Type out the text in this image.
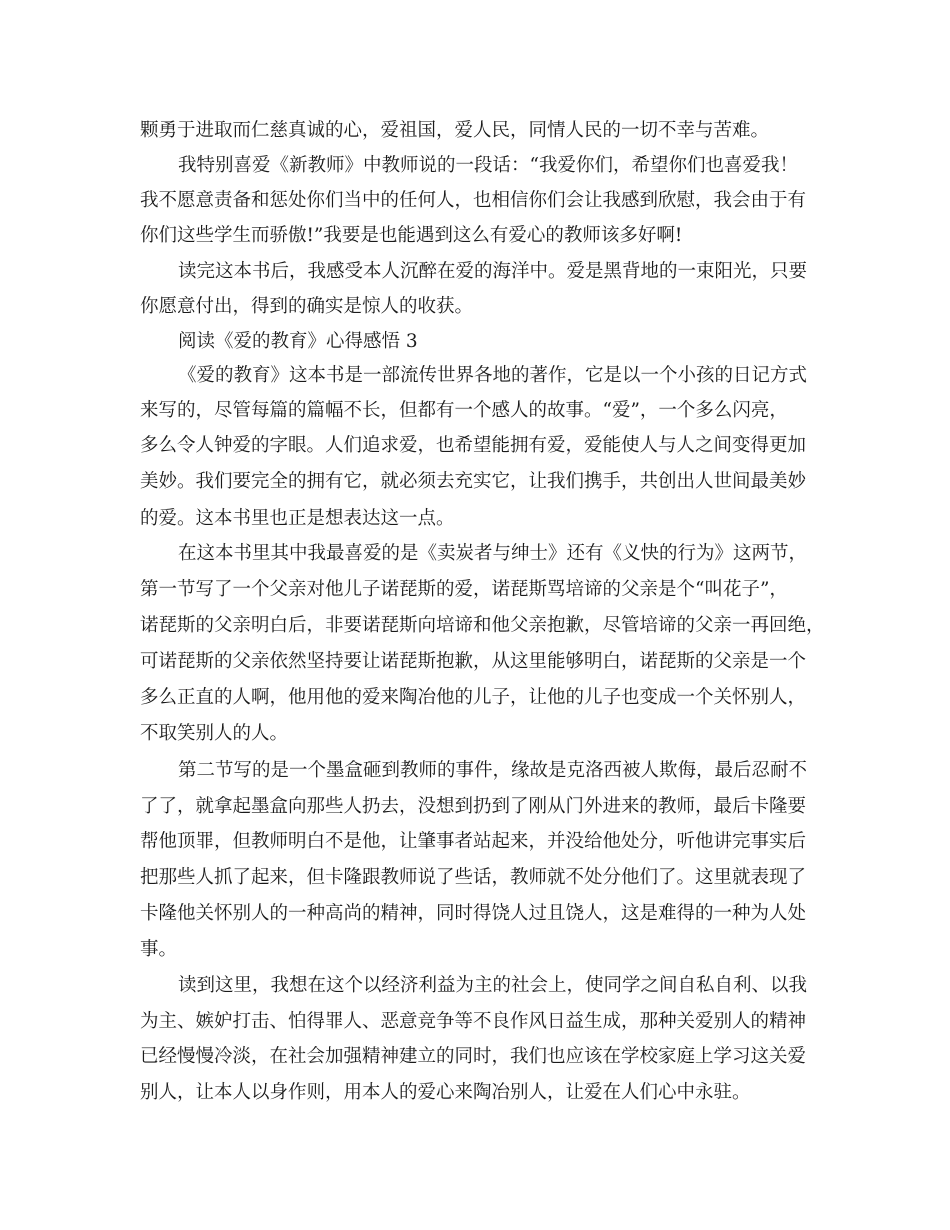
颗勇于进取而仁慈真诚的心，爱祖国，爱人民，同情人民的一切不幸与苦难。
我特别喜爱《新教师》中教师说的一段话：“我爱你们，希望你们也喜爱我！
我不愿意责备和惩处你们当中的任何人，也相信你们会让我感到欣慰，我会由于有
你们这些学生而骄傲!”我要是也能遇到这么有爱心的教师该多好啊!
读完这本书后，我感受本人沉醉在爱的海洋中。爱是黑背地的一束阳光，只要
你愿意付出，得到的确实是惊人的收获。
阅读《爱的教育》心得感悟 3
《爱的教育》这本书是一部流传世界各地的著作，它是以一个小孩的日记方式
来写的，尽管每篇的篇幅不长，但都有一个感人的故事。“爱”，一个多么闪亮，
多么令人钟爱的字眼。人们追求爱，也希望能拥有爱，爱能使人与人之间变得更加
美妙。我们要完全的拥有它，就必须去充实它，让我们携手，共创出人世间最美妙
的爱。这本书里也正是想表达这一点。
在这本书里其中我最喜爱的是《卖炭者与绅士》还有《义快的行为》这两节，
第一节写了一个父亲对他儿子诺琵斯的爱，诺琵斯骂培谛的父亲是个“叫花子”，
诺琵斯的父亲明白后，非要诺琵斯向培谛和他父亲抱歉，尽管培谛的父亲一再回绝，
可诺琵斯的父亲依然坚持要让诺琵斯抱歉，从这里能够明白，诺琵斯的父亲是一个
多么正直的人啊，他用他的爱来陶冶他的儿子，让他的儿子也变成一个关怀别人，
不取笑别人的人。
第二节写的是一个墨盒砸到教师的事件，缘故是克洛西被人欺侮，最后忍耐不
了了，就拿起墨盒向那些人扔去，没想到扔到了刚从门外进来的教师，最后卡隆要
帮他顶罪，但教师明白不是他，让肇事者站起来，并没给他处分，听他讲完事实后
把那些人抓了起来，但卡隆跟教师说了些话，教师就不处分他们了。这里就表现了
卡隆他关怀别人的一种高尚的精神，同时得饶人过且饶人，这是难得的一种为人处
事。
读到这里，我想在这个以经济利益为主的社会上，使同学之间自私自利、以我
为主、嫉妒打击、怕得罪人、恶意竞争等不良作风日益生成，那种关爱别人的精神
已经慢慢冷淡，在社会加强精神建立的同时，我们也应该在学校家庭上学习这关爱
别人，让本人以身作则，用本人的爱心来陶冶别人，让爱在人们心中永驻。
